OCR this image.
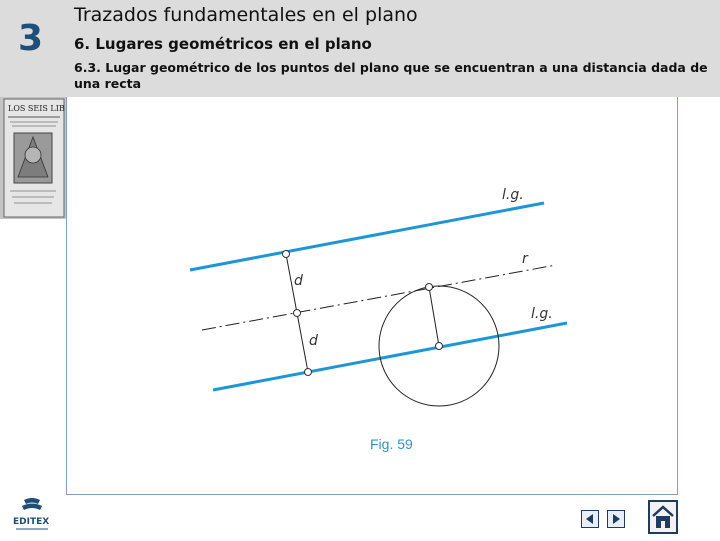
3
Trazados fundamentales en el plano
6. Lugares geométricos en el plano
6.3. Lugar geométrico de los puntos del plano que se encuentran a una distancia dada de una recta
LOS SEIS LIB
l.g.
r
l.g.
d
d
Fig. 59
EDITEX
